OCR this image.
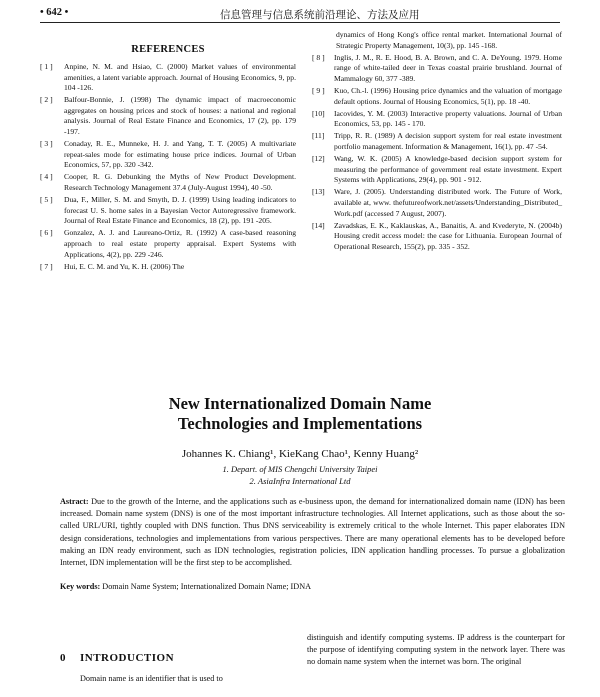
• 642 •	信息管理与信息系统前沿理论、方法及应用
REFERENCES
[ 1 ]	Anpine, N. M. and Hsiao, C. (2000) Market values of environmental amenities, a latent variable approach. Journal of Housing Economics, 9, pp. 104 -126.
[ 2 ]	Balfour-Bonnie, J. (1998) The dynamic impact of macroeconomic aggregates on housing prices and stock of houses: a national and regional analysis. Journal of Real Estate Finance and Economics, 17 (2), pp. 179 -197.
[ 3 ]	Conaday, R. E., Munneke, H. J. and Yang, T. T. (2005) A multivariate repeat-sales mode for estimating house price indices. Journal of Urban Economics, 57, pp. 320 -342.
[ 4 ]	Cooper, R. G. Debunking the Myths of New Product Development. Research Technology Management 37.4 (July-August 1994), 40 -50.
[ 5 ]	Dua, F., Miller, S. M. and Smyth, D. J. (1999) Using leading indicators to forecast U. S. home sales in a Bayesian Vector Autoregressive framework. Journal of Real Estate Finance and Economics, 18 (2), pp. 191 -205.
[ 6 ]	Gonzalez, A. J. and Laureano-Ortiz, R. (1992) A case-based reasoning approach to real estate property appraisal. Expert Systems with Applications, 4(2), pp. 229 -246.
[ 7 ]	Hui, E. C. M. and Yu, K. H. (2006) The
dynamics of Hong Kong's office rental market. International Journal of Strategic Property Management, 10(3), pp. 145 -168.
[ 8 ]	Inglis, J. M., R. E. Hood, B. A. Brown, and C. A. DeYoung. 1979. Home range of white-tailed deer in Texas coastal prairie brushland. Journal of Mammalogy 60, 377 -389.
[ 9 ]	Kuo, Ch.-l. (1996) Housing price dynamics and the valuation of mortgage default options. Journal of Housing Economics, 5(1), pp. 18 -40.
[10]	Iacovides, Y. M. (2003) Interactive property valuations. Journal of Urban Economics, 53, pp. 145 - 170.
[11]	Tripp, R. R. (1989) A decision support system for real estate investment portfolio management. Information & Management, 16(1), pp. 47 -54.
[12]	Wang, W. K. (2005) A knowledge-based decision support system for measuring the performance of government real estate investment. Expert Systems with Applications, 29(4), pp. 901 - 912.
[13]	Ware, J. (2005). Understanding distributed work. The Future of Work, available at, www. thefutureofwork.net/assets/Understanding_Distributed_ Work.pdf (accessed 7 August, 2007).
[14]	Zavadskas, E. K., Kaklauskas, A., Banaitis, A. and Kvederyte, N. (2004b) Housing credit access model: the case for Lithuania. European Journal of Operational Research, 155(2), pp. 335 - 352.
New Internationalized Domain Name
Technologies and Implementations
Johannes K. Chiang¹, KieKang Chao¹, Kenny Huang²
1. Depart. of MIS Chengchi University Taipei
2. AsiaInfra International Ltd
Astract: Due to the growth of the Interne, and the applications such as e-business upon, the demand for internationalized domain name (IDN) has been increased. Domain name system (DNS) is one of the most important infrastructure technologies. All Internet applications, such as those about the so-called URL/URI, tightly coupled with DNS function. Thus DNS serviceability is extremely critical to the whole Internet. This paper elaborates IDN design considerations, technologies and implementations from various perspectives. There are many operational elements has to be developed before making an IDN ready environment, such as IDN technologies, registration policies, IDN application handling processes. To pursue a globalization Internet, IDN implementation will be the first step to be accomplished.
Key words: Domain Name System; Internationalized Domain Name; IDNA
0 INTRODUCTION
Domain name is an identifier that is used to
distinguish and identify computing systems. IP address is the counterpart for the purpose of identifying computing system in the network layer. There was no domain name system when the internet was born. The original
